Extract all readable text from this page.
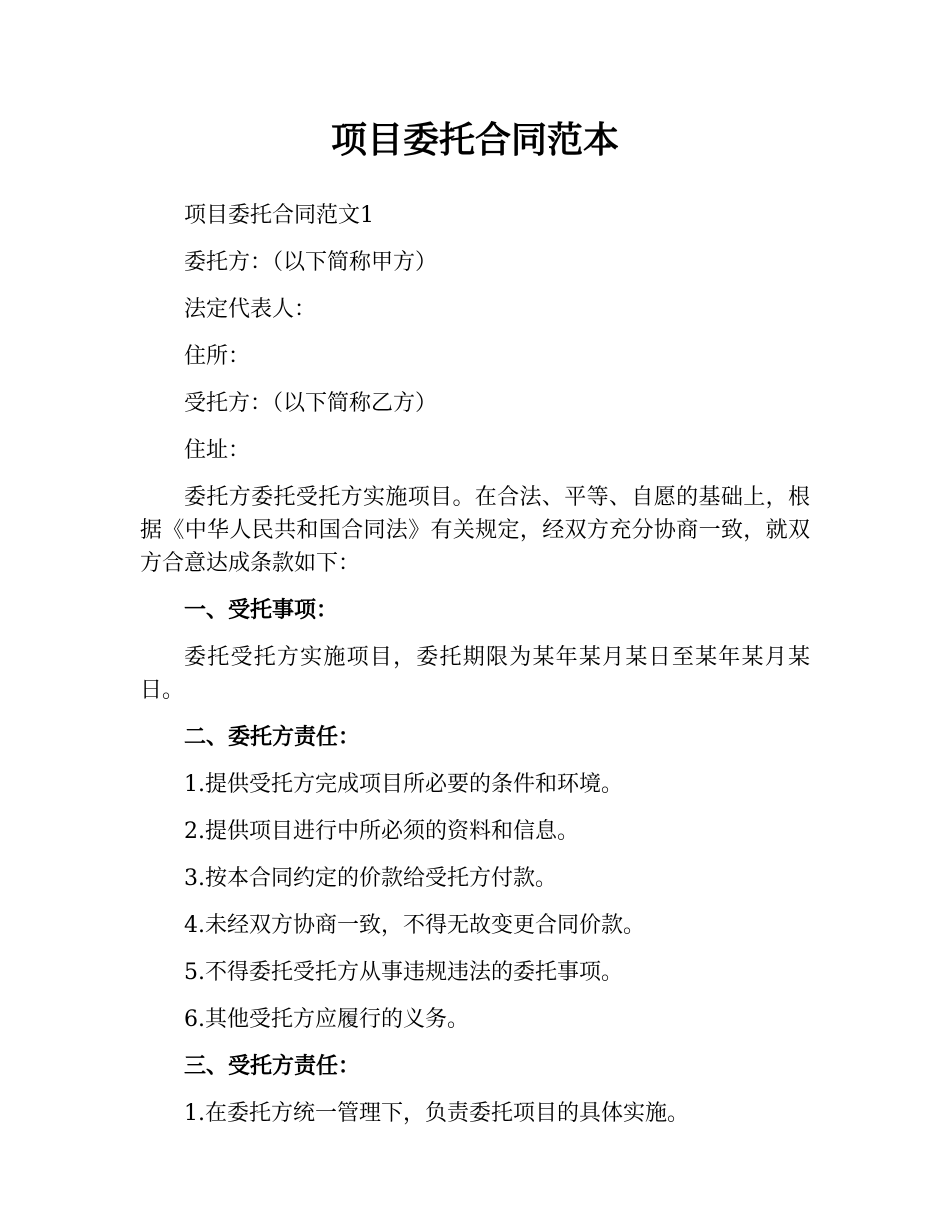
项目委托合同范本

项目委托合同范文1

委托方：（以下简称甲方）

法定代表人：

住所：

受托方：（以下简称乙方）

住址：

委托方委托受托方实施项目。在合法、平等、自愿的基础上，根据《中华人民共和国合同法》有关规定，经双方充分协商一致，就双方合意达成条款如下：

一、受托事项：

委托受托方实施项目，委托期限为某年某月某日至某年某月某日。

二、委托方责任：

1.提供受托方完成项目所必要的条件和环境。

2.提供项目进行中所必须的资料和信息。

3.按本合同约定的价款给受托方付款。

4.未经双方协商一致，不得无故变更合同价款。

5.不得委托受托方从事违规违法的委托事项。

6.其他受托方应履行的义务。

三、受托方责任：

1.在委托方统一管理下，负责委托项目的具体实施。
